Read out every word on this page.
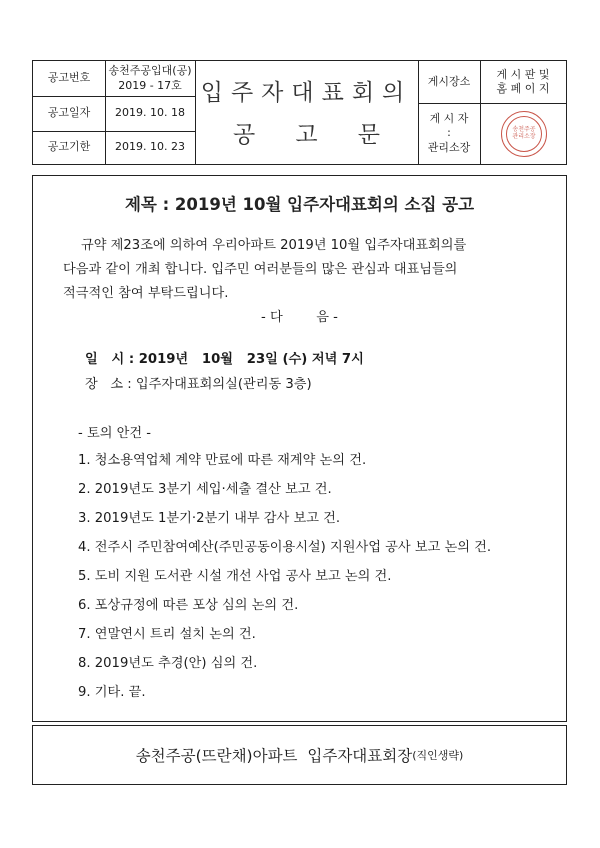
공고번호
송천주공입대(공)
2019 - 17호
공고일자	2019. 10. 18
공고기한	2019. 10. 23
입주자대표회의
공 고 문
게시장소
게 시 판 및
홈 페 이 지
게 시 자
:
관리소장
송천주공
관리소장
제목 : 2019년 10월 입주자대표회의 소집 공고
규약 제23조에 의하여 우리아파트 2019년 10월 입주자대표회의를
다음과 같이 개최 합니다. 입주민 여러분들의 많은 관심과 대표님들의
적극적인 참여 부탁드립니다.
- 다        음 -
일   시 : 2019년   10월   23일 (수) 저녁 7시
장   소 : 입주자대표회의실(관리동 3층)
- 토의 안건 -
1. 청소용역업체 계약 만료에 따른 재계약 논의 건.
2. 2019년도 3분기 세입·세출 결산 보고 건.
3. 2019년도 1분기·2분기 내부 감사 보고 건.
4. 전주시 주민참여예산(주민공동이용시설) 지원사업 공사 보고 논의 건.
5. 도비 지원 도서관 시설 개선 사업 공사 보고 논의 건.
6. 포상규정에 따른 포상 심의 논의 건.
7. 연말연시 트리 설치 논의 건.
8. 2019년도 추경(안) 심의 건.
9. 기타. 끝.
송천주공(뜨란채)아파트  입주자대표회장 (직인생략)
